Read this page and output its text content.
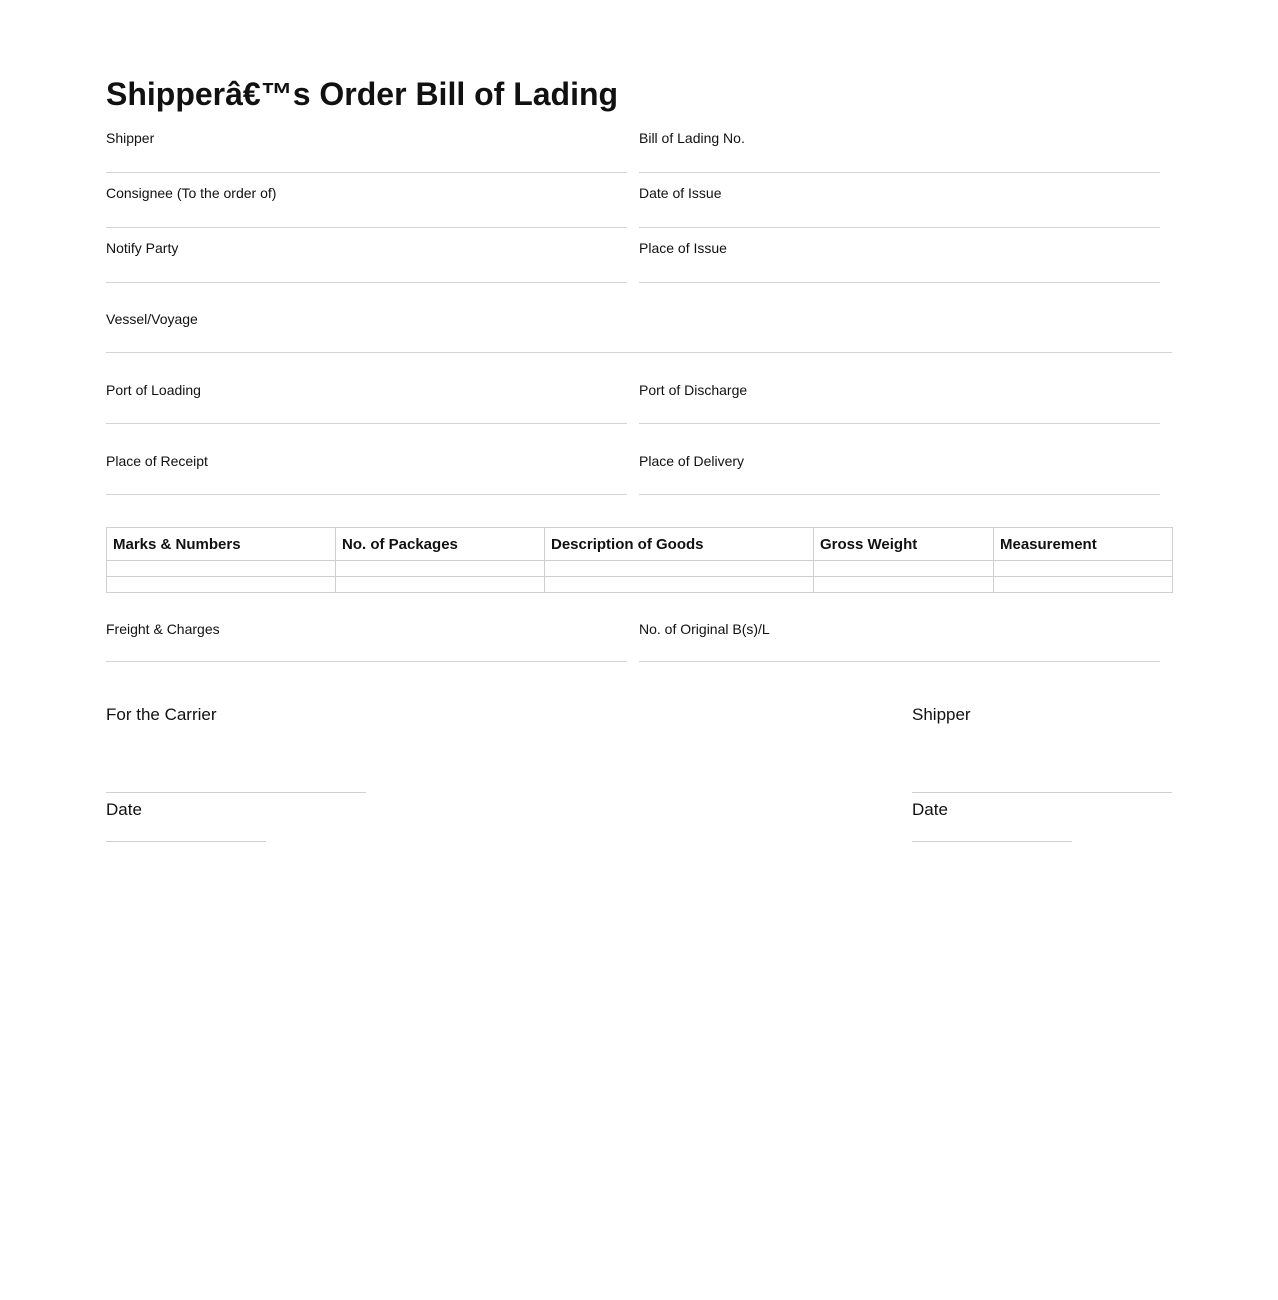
Shipperâ€™s Order Bill of Lading
Shipper	Bill of Lading No.
Consignee (To the order of)	Date of Issue
Notify Party	Place of Issue
Vessel/Voyage
Port of Loading	Port of Discharge
Place of Receipt	Place of Delivery
Marks & Numbers	No. of Packages	Description of Goods	Gross Weight	Measurement

Freight & Charges	No. of Original B(s)/L
For the Carrier
Date
Shipper
Date
